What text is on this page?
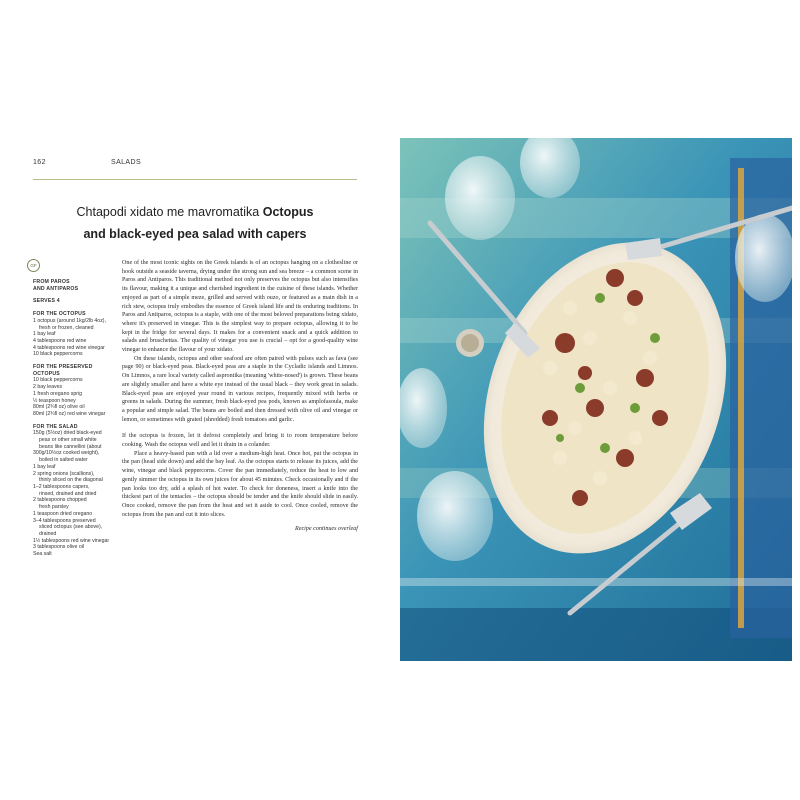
162	SALADS
Chtapodi xidato me mavromatika Octopus
and black-eyed pea salad with capers
GF
FROM PAROS
AND ANTIPAROS
SERVES 4
FOR THE OCTOPUS
1 octopus (around 1kg/2lb 4oz),
fresh or frozen, cleaned
1 bay leaf
4 tablespoons red wine
4 tablespoons red wine vinegar
10 black peppercorns
FOR THE PRESERVED
OCTOPUS
10 black peppercorns
2 bay leaves
1 fresh oregano sprig
½ teaspoon honey
80ml (2¾fl oz) olive oil
80ml (2¾fl oz) red wine vinegar
FOR THE SALAD
150g (5½oz) dried black-eyed
peas or other small white
beans like cannellini (about
300g/10½oz cooked weight),
boiled in salted water
1 bay leaf
2 spring onions (scallions),
thinly sliced on the diagonal
1–2 tablespoons capers,
rinsed, drained and dried
2 tablespoons chopped
fresh parsley
1 teaspoon dried oregano
3–4 tablespoons preserved
sliced octopus (see above),
drained
1½ tablespoons red wine vinegar
3 tablespoons olive oil
Sea salt

One of the most iconic sights on the Greek islands is of an octopus hanging on a clothesline or hook outside a seaside taverna, drying under the strong sun and sea breeze – a common scene in Paros and Antiparos. This traditional method not only preserves the octopus but also intensifies its flavour, making it a unique and cherished ingredient in the cuisine of these islands. Whether enjoyed as part of a simple meze, grilled and served with ouzo, or featured as a main dish in a rich stew, octopus truly embodies the essence of Greek island life and its enduring traditions. In Paros and Antiparos, octopus is a staple, with one of the most beloved preparations being xidato, where it's preserved in vinegar. This is the simplest way to prepare octopus, allowing it to be kept in the fridge for several days. It makes for a convenient snack and a quick addition to salads and bruschettas. The quality of vinegar you use is crucial – opt for a good-quality wine vinegar to enhance the flavour of your xidato.

On these islands, octopus and other seafood are often paired with pulses such as fava (see page 90) or black-eyed peas. Black-eyed peas are a staple in the Cycladic islands and Limnos. On Limnos, a rare local variety called asprontika (meaning 'white-nosed') is grown. These beans are slightly smaller and have a white eye instead of the usual black – they work great in salads. Black-eyed peas are enjoyed year round in various recipes, frequently mixed with herbs or greens in salads. During the summer, fresh black-eyed pea pods, known as amplofasoula, make a popular and simple salad. The beans are boiled and then dressed with olive oil and vinegar or lemon, or sometimes with grated (shredded) fresh tomatoes and garlic.

If the octopus is frozen, let it defrost completely and bring it to room temperature before cooking. Wash the octopus well and let it drain in a colander.

Place a heavy-based pan with a lid over a medium-high heat. Once hot, put the octopus in the pan (head side down) and add the bay leaf. As the octopus starts to release its juices, add the wine, vinegar and black peppercorns. Cover the pan immediately, reduce the heat to low and gently simmer the octopus in its own juices for about 45 minutes. Check occasionally and if the pan looks too dry, add a splash of hot water. To check for doneness, insert a knife into the thickest part of the tentacles – the octopus should be tender and the knife should slide in easily. Once cooked, remove the pan from the heat and set it aside to cool. Once cooled, remove the octopus from the pan and cut it into slices.

Recipe continues overleaf
